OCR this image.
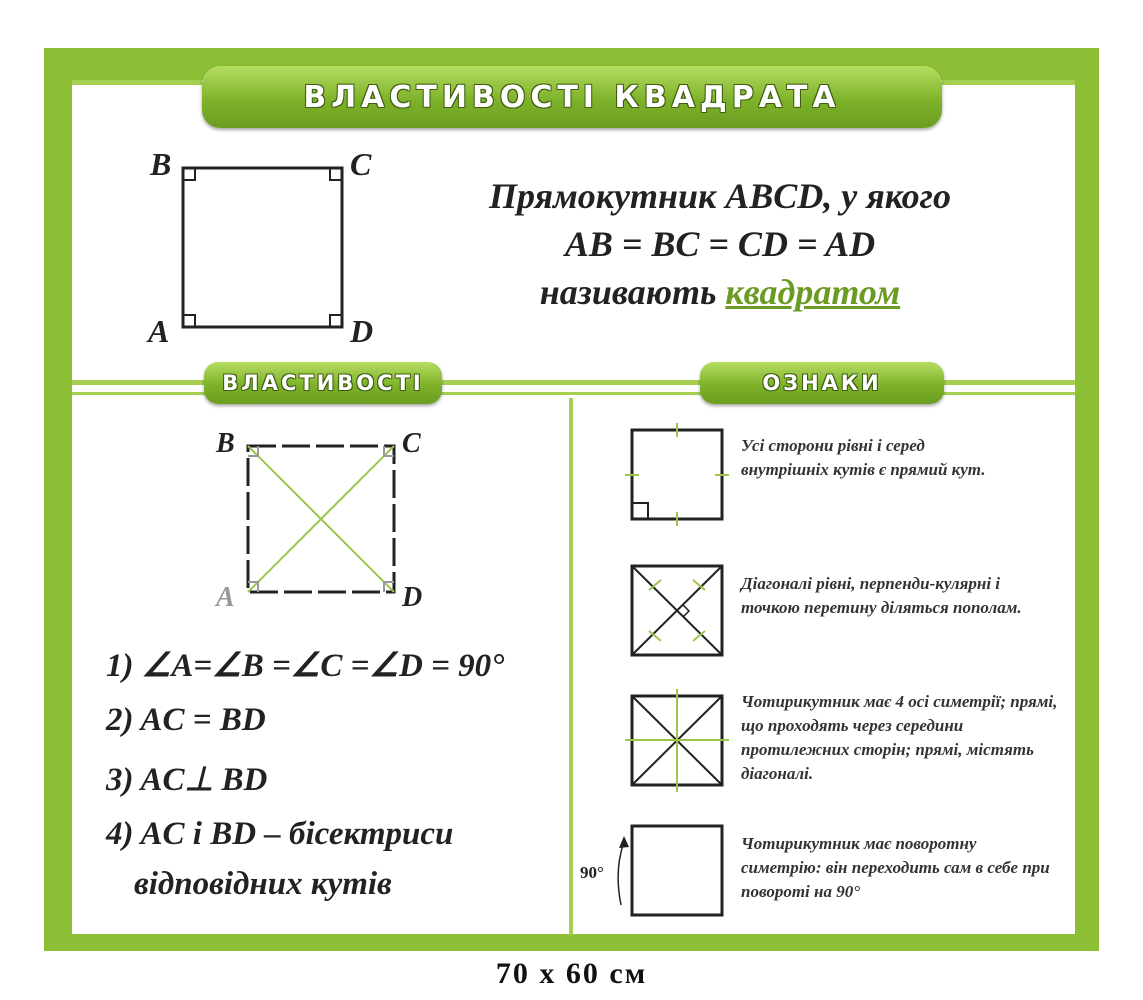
ВЛАСТИВОСТІ КВАДРАТА
ВЛАСТИВОСТІ	ОЗНАКИ
Прямокутник ABCD, у якого
AB = BC = CD = AD
називають квадратом
B	C
A	D
B	C
A	D
90°
1) ∠A=∠B =∠C =∠D = 90°
2) AC = BD
3) AC⊥ BD
4) AC і BD – бісектриси
відповідних кутів
Усі сторони рівні і серед внутрішніх кутів є прямий кут.
Діагоналі рівні, перпенди-кулярні і точкою перетину діляться пополам.
Чотирикутник має 4 осі симетрії; прямі, що проходять через середини протилежних сторін; прямі, містять діагоналі.
Чотирикутник має поворотну симетрію: він переходить сам в себе при повороті на 90°
70 x 60 см
